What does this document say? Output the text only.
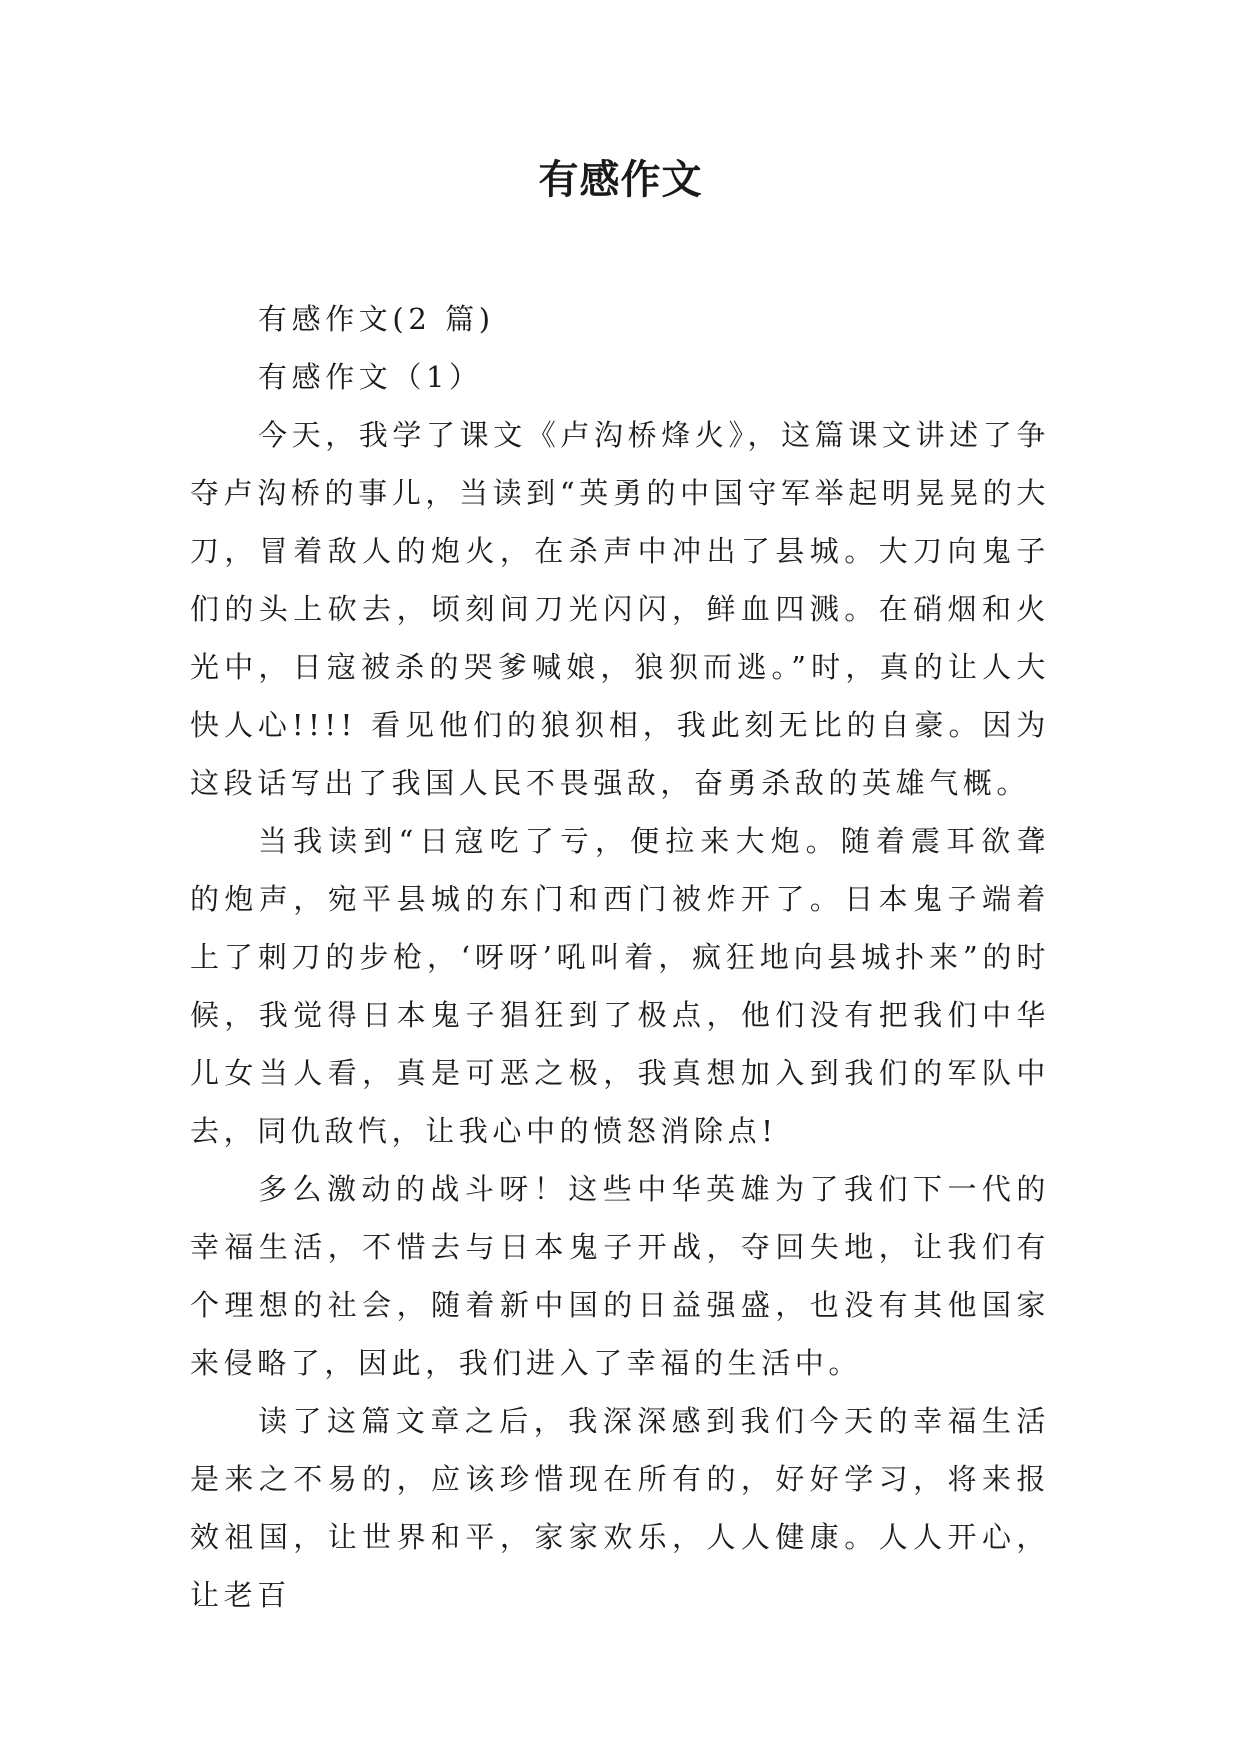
有感作文

有感作文(2 篇)

有感作文（1）

今天，我学了课文《卢沟桥烽火》，这篇课文讲述了争夺卢沟桥的事儿，当读到“英勇的中国守军举起明晃晃的大刀，冒着敌人的炮火，在杀声中冲出了县城。大刀向鬼子们的头上砍去，顷刻间刀光闪闪，鲜血四溅。在硝烟和火光中，日寇被杀的哭爹喊娘，狼狈而逃。”时，真的让人大快人心!!!! 看见他们的狼狈相，我此刻无比的自豪。因为这段话写出了我国人民不畏强敌，奋勇杀敌的英雄气概。

当我读到“日寇吃了亏，便拉来大炮。随着震耳欲聋的炮声，宛平县城的东门和西门被炸开了。日本鬼子端着上了刺刀的步枪，‘呀呀’吼叫着，疯狂地向县城扑来”的时候，我觉得日本鬼子猖狂到了极点，他们没有把我们中华儿女当人看，真是可恶之极，我真想加入到我们的军队中去，同仇敌忾，让我心中的愤怒消除点!

多么激动的战斗呀！这些中华英雄为了我们下一代的幸福生活，不惜去与日本鬼子开战，夺回失地，让我们有个理想的社会，随着新中国的日益强盛，也没有其他国家来侵略了，因此，我们进入了幸福的生活中。

读了这篇文章之后，我深深感到我们今天的幸福生活是来之不易的，应该珍惜现在所有的，好好学习，将来报效祖国，让世界和平，家家欢乐，人人健康。人人开心，让老百
